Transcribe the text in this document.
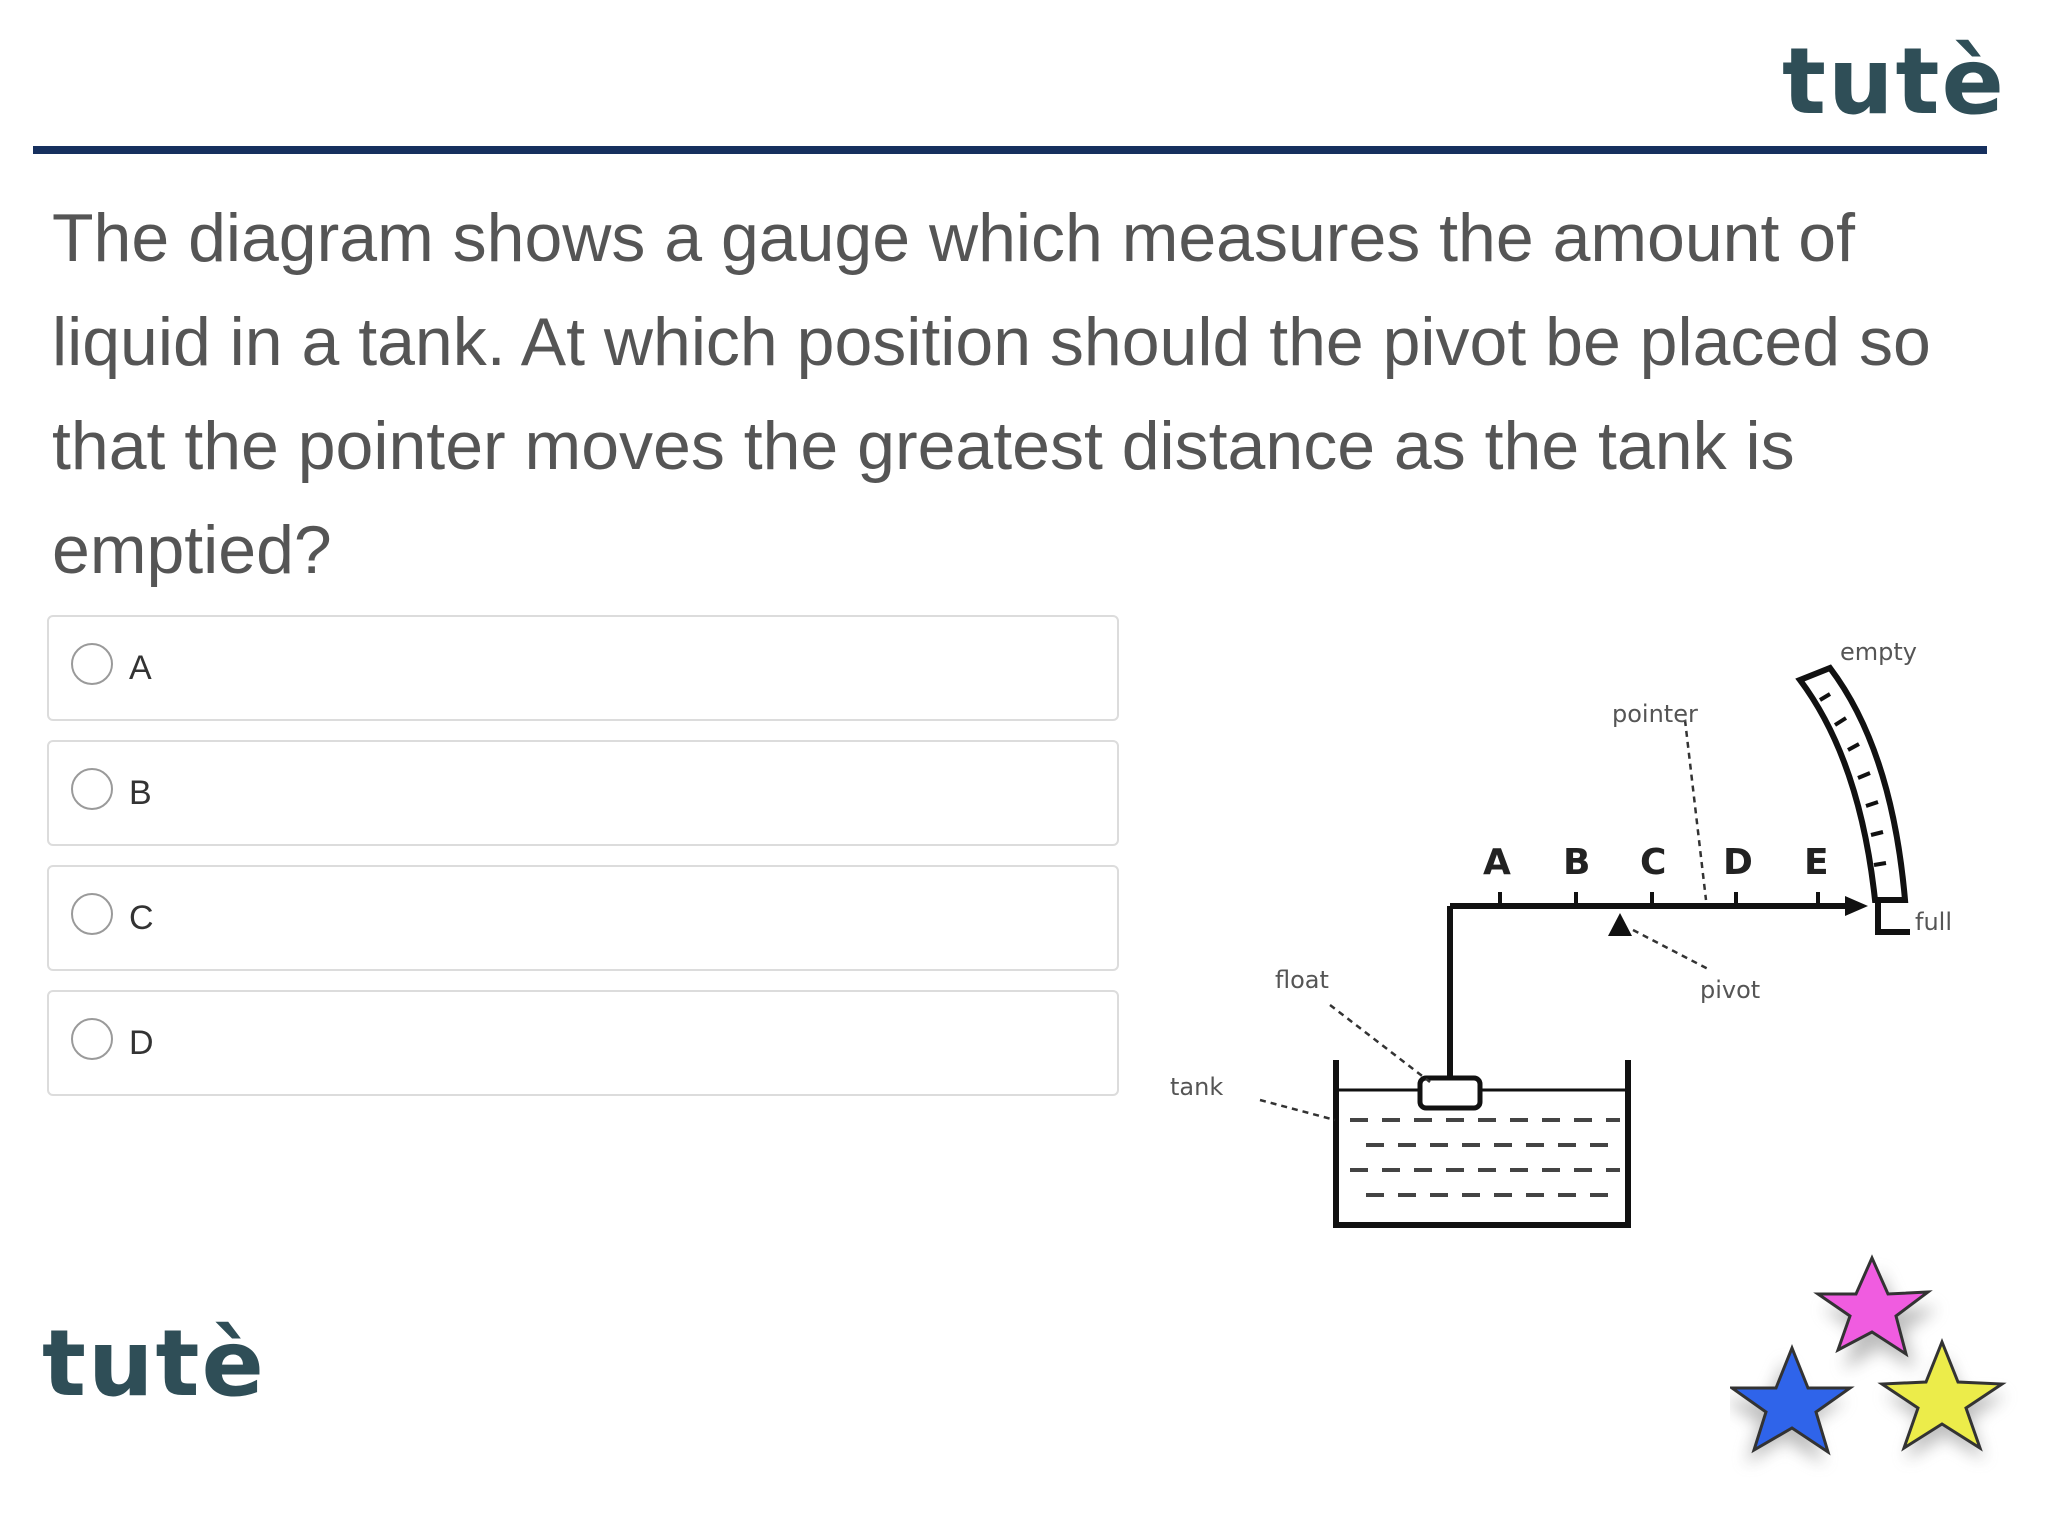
tutè
The diagram shows a gauge which measures the amount of liquid in a tank. At which position should the pivot be placed so that the pointer moves the greatest distance as the tank is emptied?
A
B
C
D
A B C D E
empty
pointer
full
pivot
float
tank
tutè
